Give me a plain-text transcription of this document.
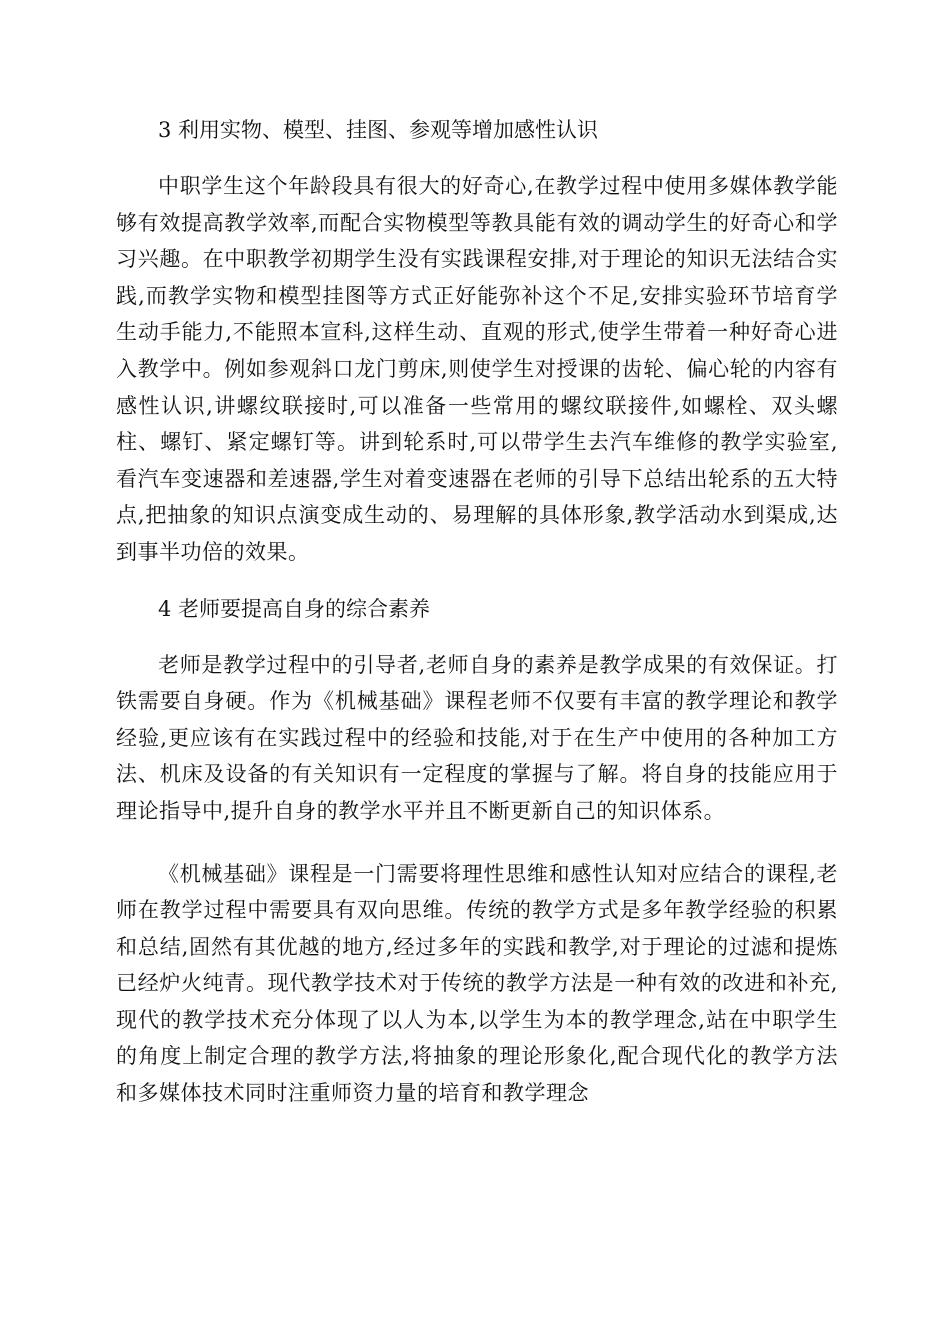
3 利用实物、模型、挂图、参观等增加感性认识

中职学生这个年龄段具有很大的好奇心,在教学过程中使用多媒体教学能够有效提高教学效率,而配合实物模型等教具能有效的调动学生的好奇心和学习兴趣。在中职教学初期学生没有实践课程安排,对于理论的知识无法结合实践,而教学实物和模型挂图等方式正好能弥补这个不足,安排实验环节培育学生动手能力,不能照本宣科,这样生动、直观的形式,使学生带着一种好奇心进入教学中。例如参观斜口龙门剪床,则使学生对授课的齿轮、偏心轮的内容有感性认识,讲螺纹联接时,可以准备一些常用的螺纹联接件,如螺栓、双头螺柱、螺钉、紧定螺钉等。讲到轮系时,可以带学生去汽车维修的教学实验室,看汽车变速器和差速器,学生对着变速器在老师的引导下总结出轮系的五大特点,把抽象的知识点演变成生动的、易理解的具体形象,教学活动水到渠成,达到事半功倍的效果。

4 老师要提高自身的综合素养

老师是教学过程中的引导者,老师自身的素养是教学成果的有效保证。打铁需要自身硬。作为《机械基础》课程老师不仅要有丰富的教学理论和教学经验,更应该有在实践过程中的经验和技能,对于在生产中使用的各种加工方法、机床及设备的有关知识有一定程度的掌握与了解。将自身的技能应用于理论指导中,提升自身的教学水平并且不断更新自己的知识体系。

《机械基础》课程是一门需要将理性思维和感性认知对应结合的课程,老师在教学过程中需要具有双向思维。传统的教学方式是多年教学经验的积累和总结,固然有其优越的地方,经过多年的实践和教学,对于理论的过滤和提炼已经炉火纯青。现代教学技术对于传统的教学方法是一种有效的改进和补充,现代的教学技术充分体现了以人为本,以学生为本的教学理念,站在中职学生的角度上制定合理的教学方法,将抽象的理论形象化,配合现代化的教学方法和多媒体技术同时注重师资力量的培育和教学理念
